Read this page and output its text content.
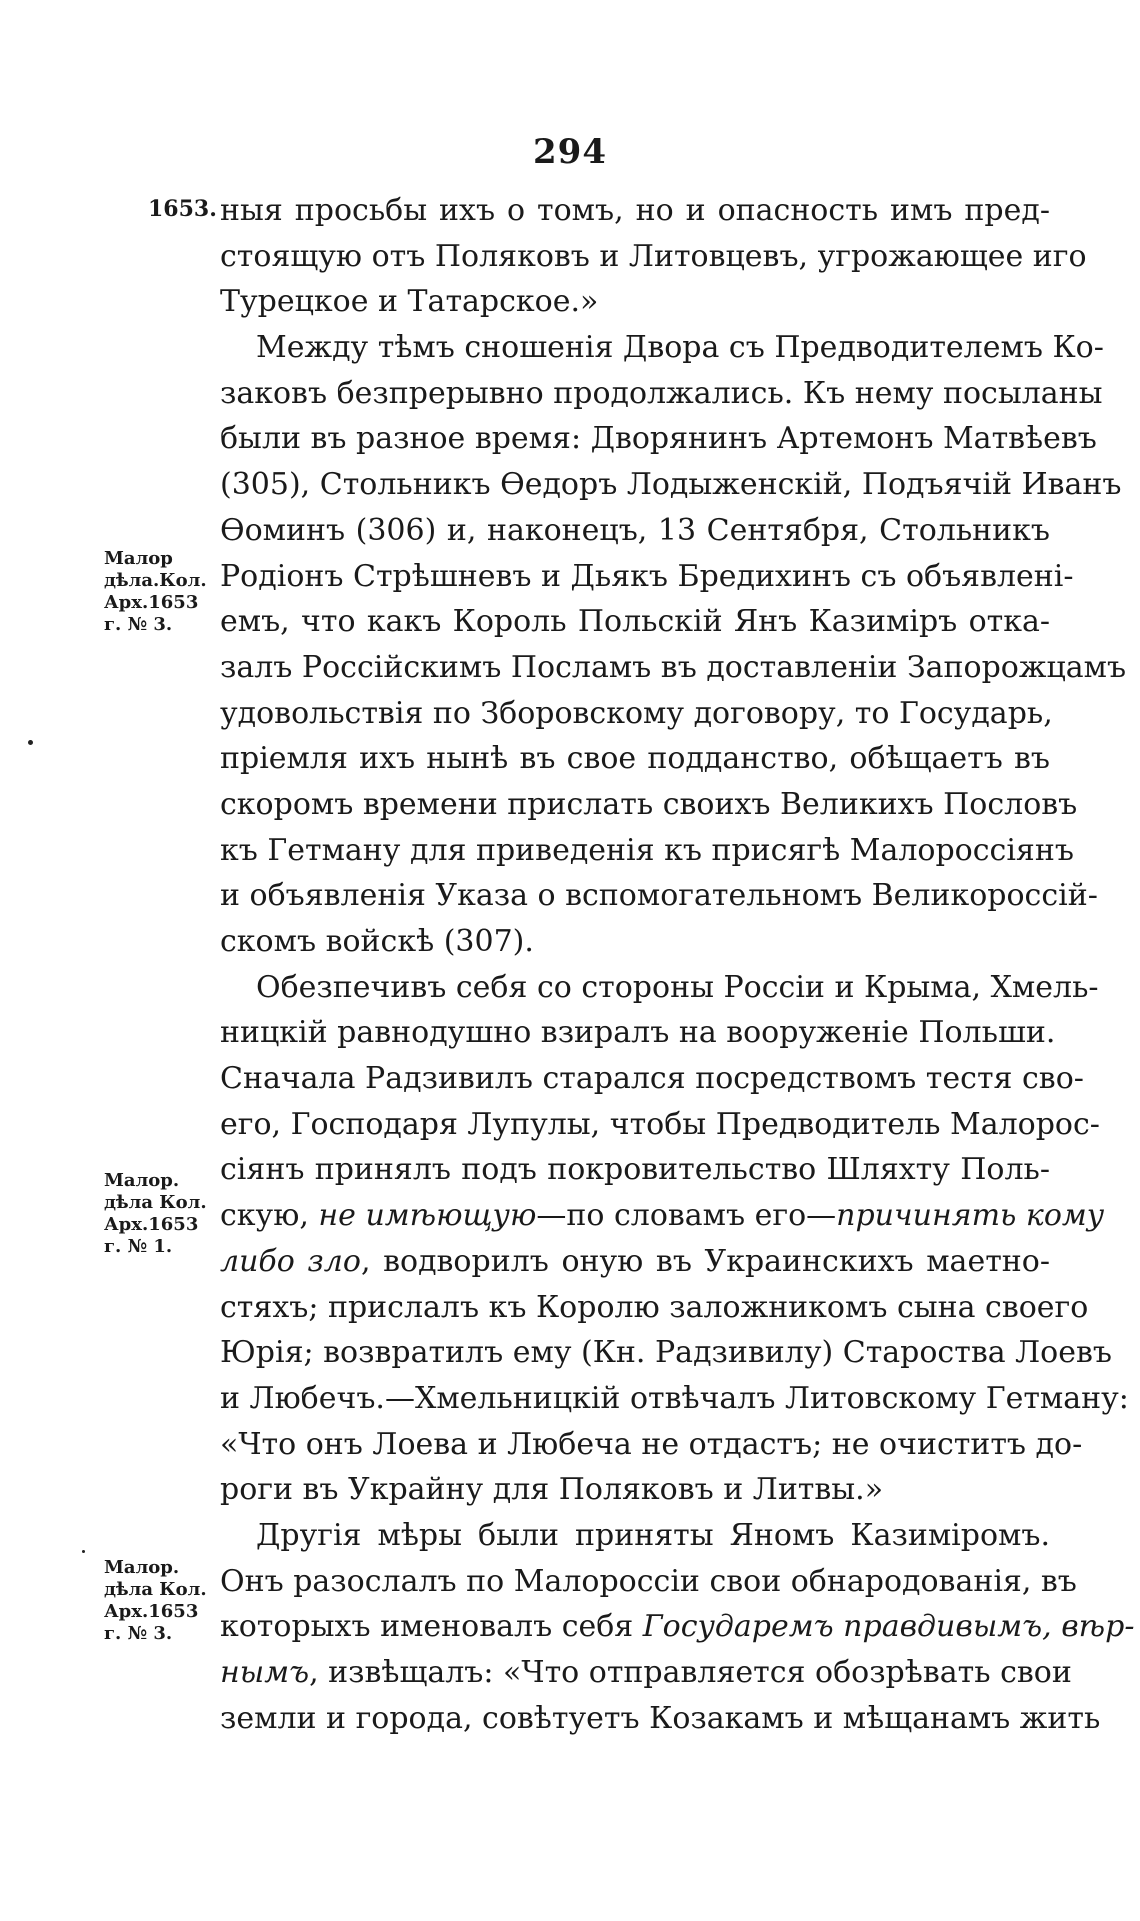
294
1653.
Малор
дѣла.Кол.
Арх.1653
г. № 3.
Малор.
дѣла Кол.
Арх.1653
г. № 1.
Малор.
дѣла Кол.
Арх.1653
г. № 3.
ныя просьбы ихъ о томъ, но и опасность имъ пред-
стоящую отъ Поляковъ и Литовцевъ, угрожающее иго
Турецкое и Татарское.»
Между тѣмъ сношенія Двора съ Предводителемъ Ко-
заковъ безпрерывно продолжались. Къ нему посыланы
были въ разное время: Дворянинъ Артемонъ Матвѣевъ
(305), Стольникъ Ѳедоръ Лодыженскій, Подъячій Иванъ
Ѳоминъ (306) и, наконецъ, 13 Сентября, Стольникъ
Родіонъ Стрѣшневъ и Дьякъ Бредихинъ съ объявлені-
емъ, что какъ Король Польскій Янъ Казиміръ отка-
залъ Россійскимъ Посламъ въ доставленіи Запорожцамъ
удовольствія по Зборовскому договору, то Государь,
пріемля ихъ нынѣ въ свое подданство, обѣщаетъ въ
скоромъ времени прислать своихъ Великихъ Пословъ
къ Гетману для приведенія къ присягѣ Малороссіянъ
и объявленія Указа о вспомогательномъ Великороссій-
скомъ войскѣ (307).
Обезпечивъ себя со стороны Россіи и Крыма, Хмель-
ницкій равнодушно взиралъ на вооруженіе Польши.
Сначала Радзивилъ старался посредствомъ тестя сво-
его, Господаря Лупулы, чтобы Предводитель Малорос-
сіянъ принялъ подъ покровительство Шляхту Поль-
скую, не имѣющую—по словамъ его—причинять кому
либо зло, водворилъ оную въ Украинскихъ маетно-
стяхъ; прислалъ къ Королю заложникомъ сына своего
Юрія; возвратилъ ему (Кн. Радзивилу) Староства Лоевъ
и Любечъ.—Хмельницкій отвѣчалъ Литовскому Гетману:
«Что онъ Лоева и Любеча не отдастъ; не очиститъ до-
роги въ Украйну для Поляковъ и Литвы.»
Другія мѣры были приняты Яномъ Казиміромъ.
Онъ разослалъ по Малороссіи свои обнародованія, въ
которыхъ именовалъ себя Государемъ правдивымъ, вѣр-
нымъ, извѣщалъ: «Что отправляется обозрѣвать свои
земли и города, совѣтуетъ Козакамъ и мѣщанамъ жить
